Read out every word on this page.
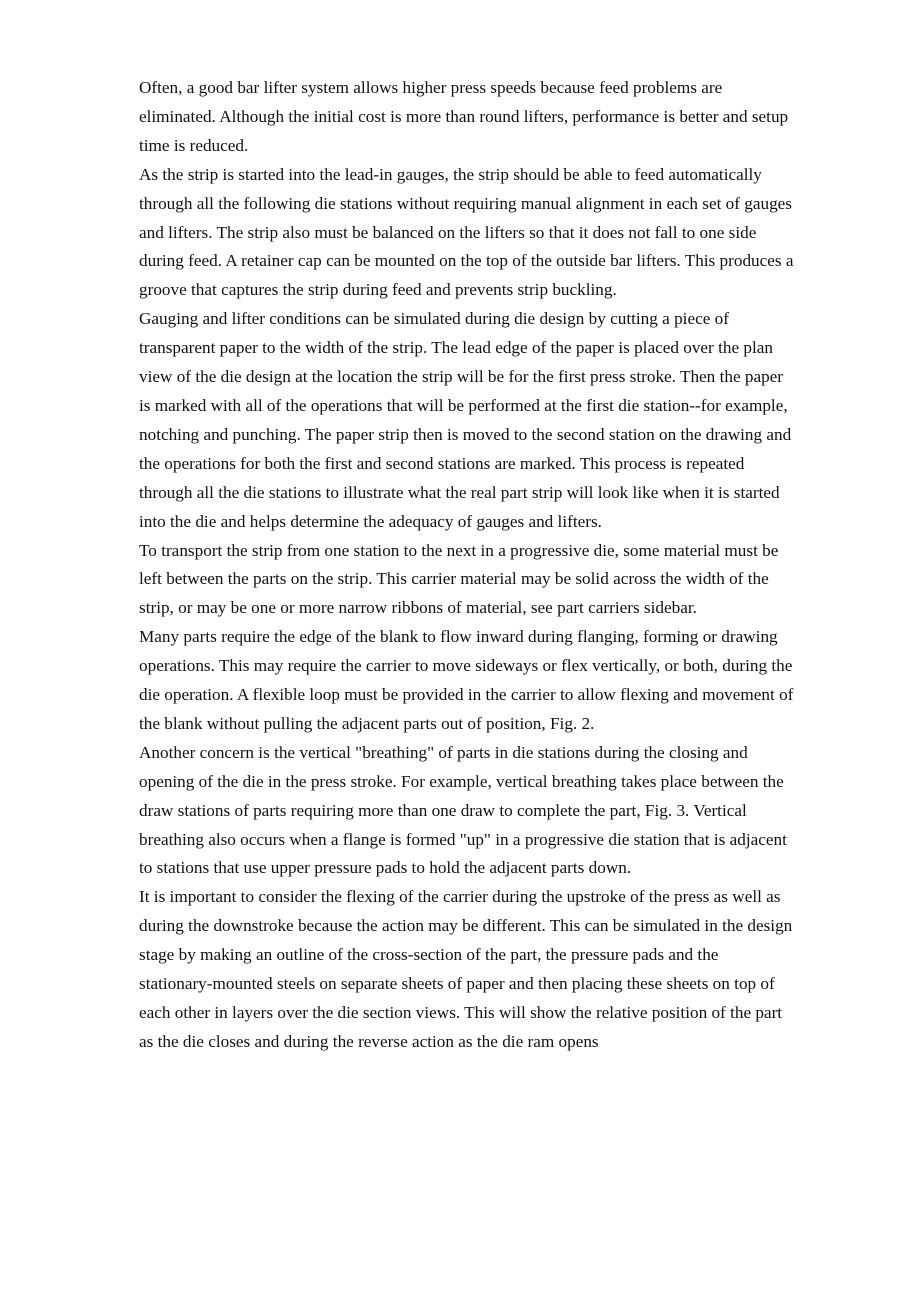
Often, a good bar lifter system allows higher press speeds because feed problems are eliminated. Although the initial cost is more than round lifters, performance is better and setup time is reduced.

As the strip is started into the lead-in gauges, the strip should be able to feed automatically through all the following die stations without requiring manual alignment in each set of gauges and lifters. The strip also must be balanced on the lifters so that it does not fall to one side during feed. A retainer cap can be mounted on the top of the outside bar lifters. This produces a groove that captures the strip during feed and prevents strip buckling.

Gauging and lifter conditions can be simulated during die design by cutting a piece of transparent paper to the width of the strip. The lead edge of the paper is placed over the plan view of the die design at the location the strip will be for the first press stroke. Then the paper is marked with all of the operations that will be performed at the first die station--for example, notching and punching. The paper strip then is moved to the second station on the drawing and the operations for both the first and second stations are marked. This process is repeated through all the die stations to illustrate what the real part strip will look like when it is started into the die and helps determine the adequacy of gauges and lifters.

To transport the strip from one station to the next in a progressive die, some material must be left between the parts on the strip. This carrier material may be solid across the width of the strip, or may be one or more narrow ribbons of material, see part carriers sidebar.

Many parts require the edge of the blank to flow inward during flanging, forming or drawing operations. This may require the carrier to move sideways or flex vertically, or both, during the die operation. A flexible loop must be provided in the carrier to allow flexing and movement of the blank without pulling the adjacent parts out of position, Fig. 2.

Another concern is the vertical "breathing" of parts in die stations during the closing and opening of the die in the press stroke. For example, vertical breathing takes place between the draw stations of parts requiring more than one draw to complete the part, Fig. 3. Vertical breathing also occurs when a flange is formed "up" in a progressive die station that is adjacent to stations that use upper pressure pads to hold the adjacent parts down.

It is important to consider the flexing of the carrier during the upstroke of the press as well as during the downstroke because the action may be different. This can be simulated in the design stage by making an outline of the cross-section of the part, the pressure pads and the stationary-mounted steels on separate sheets of paper and then placing these sheets on top of each other in layers over the die section views. This will show the relative position of the part as the die closes and during the reverse action as the die ram opens
